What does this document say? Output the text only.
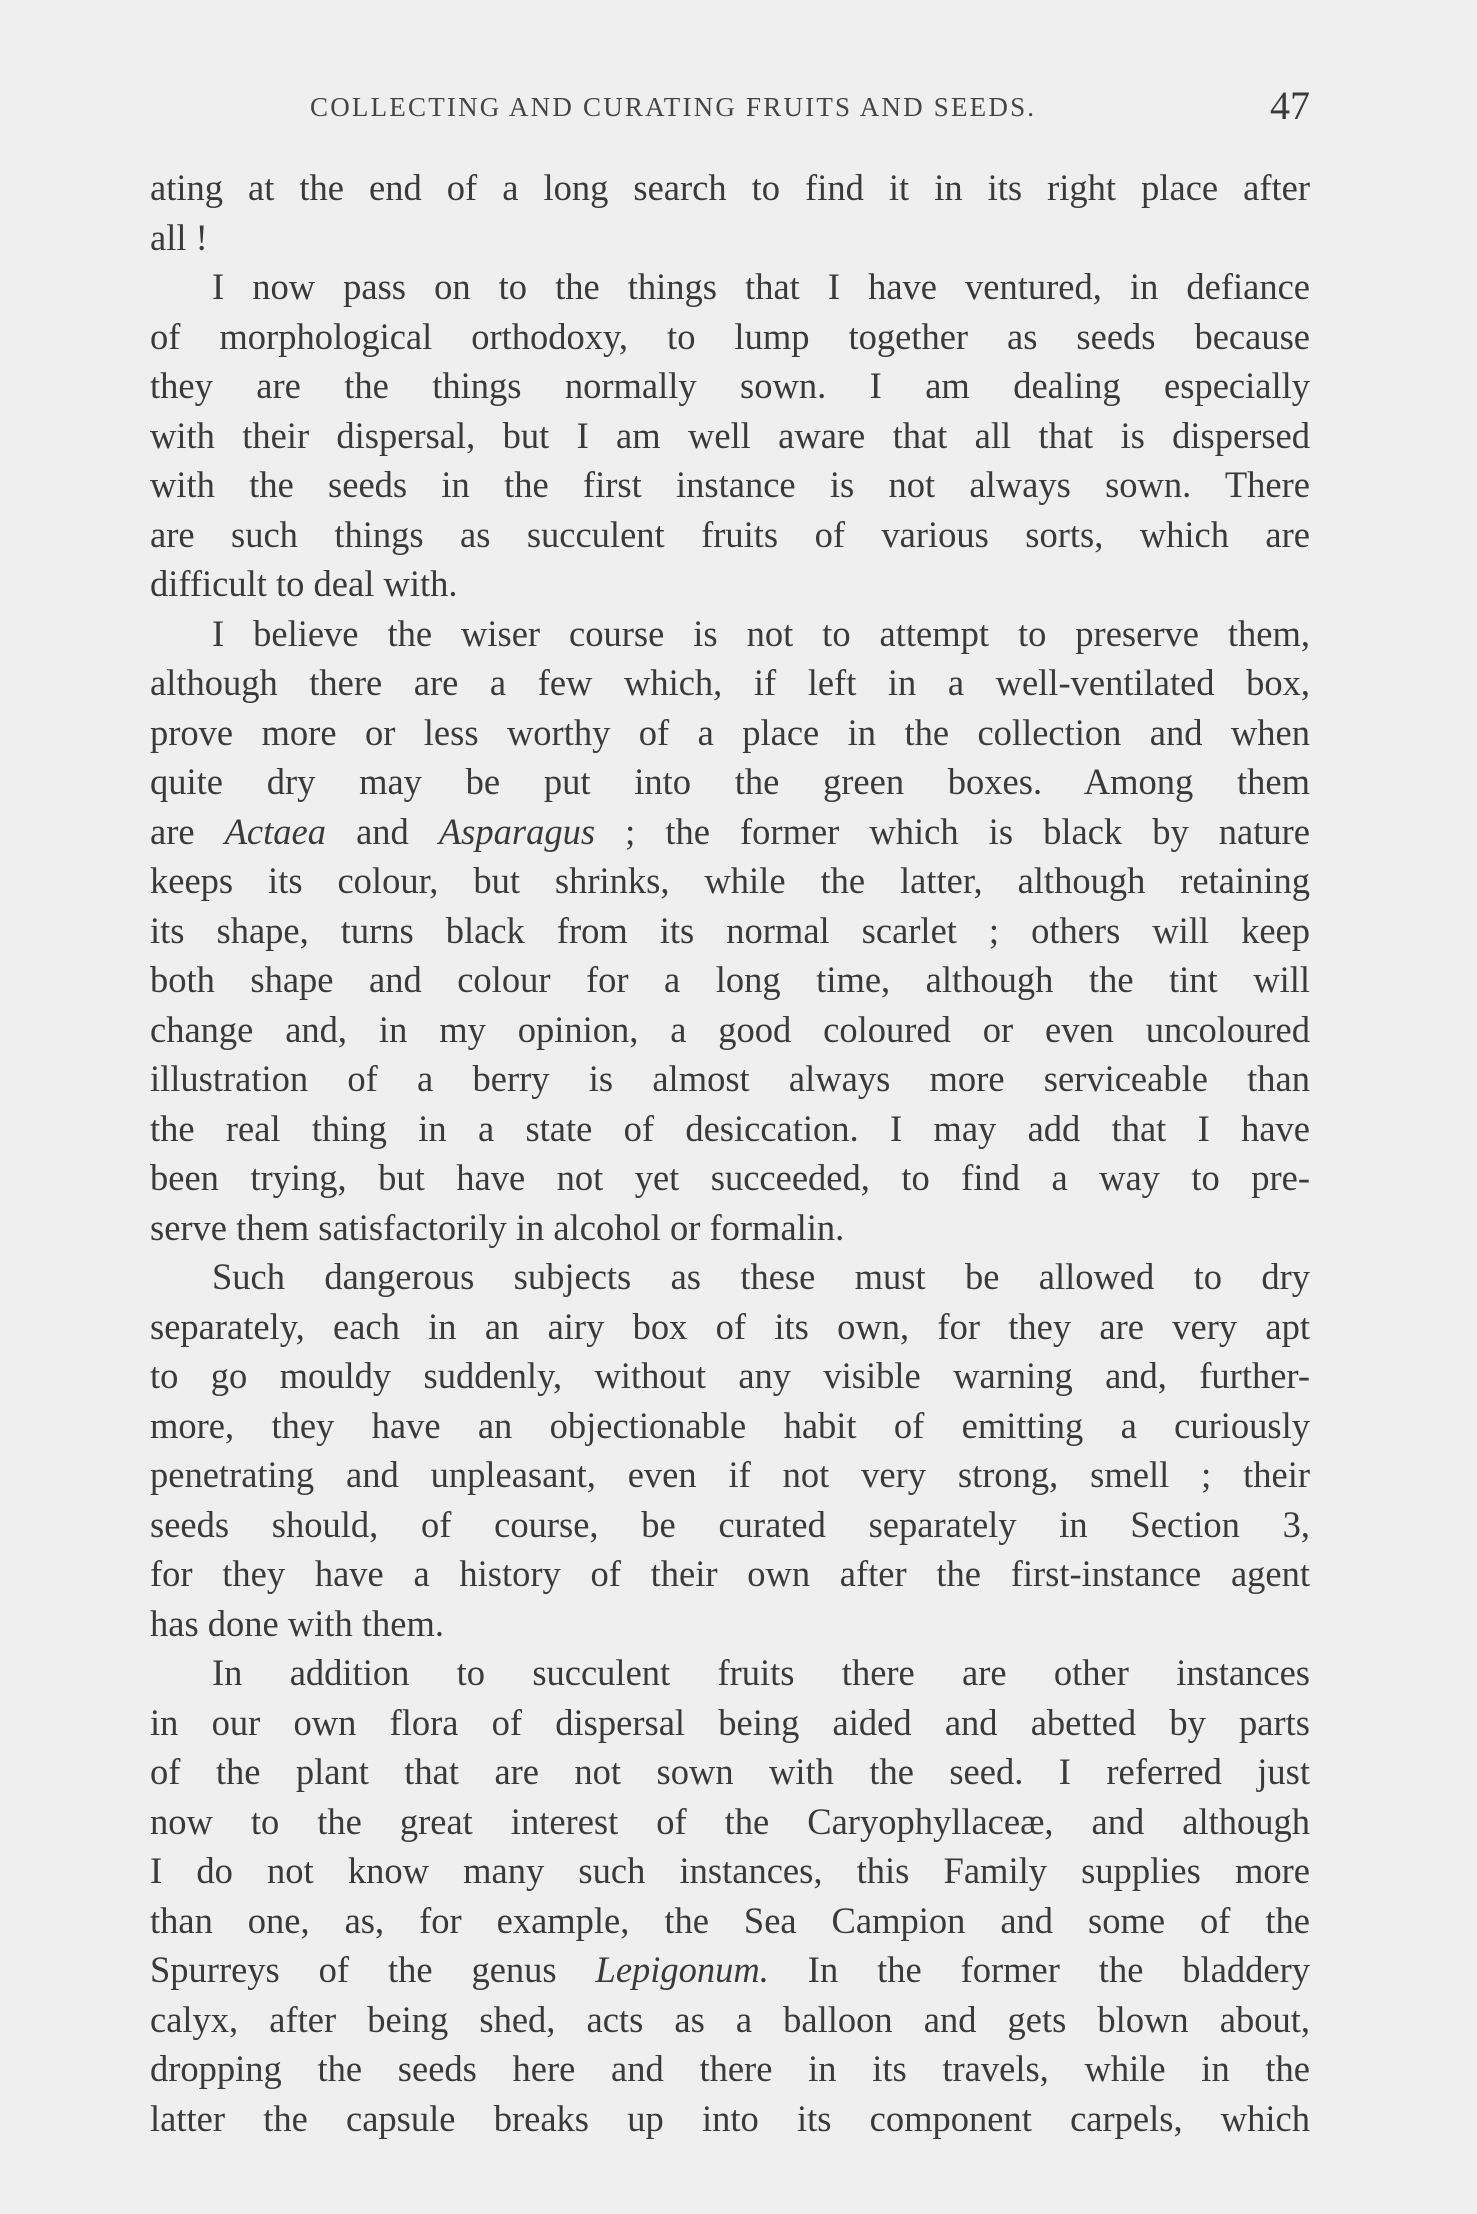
COLLECTING AND CURATING FRUITS AND SEEDS.	47
ating at the end of a long search to find it in its right place after
all !
I now pass on to the things that I have ventured, in defiance
of morphological orthodoxy, to lump together as seeds because
they are the things normally sown. I am dealing especially
with their dispersal, but I am well aware that all that is dispersed
with the seeds in the first instance is not always sown. There
are such things as succulent fruits of various sorts, which are
difficult to deal with.
I believe the wiser course is not to attempt to preserve them,
although there are a few which, if left in a well-ventilated box,
prove more or less worthy of a place in the collection and when
quite dry may be put into the green boxes. Among them
are Actaea and Asparagus ; the former which is black by nature
keeps its colour, but shrinks, while the latter, although retaining
its shape, turns black from its normal scarlet ; others will keep
both shape and colour for a long time, although the tint will
change and, in my opinion, a good coloured or even uncoloured
illustration of a berry is almost always more serviceable than
the real thing in a state of desiccation. I may add that I have
been trying, but have not yet succeeded, to find a way to pre-
serve them satisfactorily in alcohol or formalin.
Such dangerous subjects as these must be allowed to dry
separately, each in an airy box of its own, for they are very apt
to go mouldy suddenly, without any visible warning and, further-
more, they have an objectionable habit of emitting a curiously
penetrating and unpleasant, even if not very strong, smell ; their
seeds should, of course, be curated separately in Section 3,
for they have a history of their own after the first-instance agent
has done with them.
In addition to succulent fruits there are other instances
in our own flora of dispersal being aided and abetted by parts
of the plant that are not sown with the seed. I referred just
now to the great interest of the Caryophyllaceæ, and although
I do not know many such instances, this Family supplies more
than one, as, for example, the Sea Campion and some of the
Spurreys of the genus Lepigonum. In the former the bladdery
calyx, after being shed, acts as a balloon and gets blown about,
dropping the seeds here and there in its travels, while in the
latter the capsule breaks up into its component carpels, which
